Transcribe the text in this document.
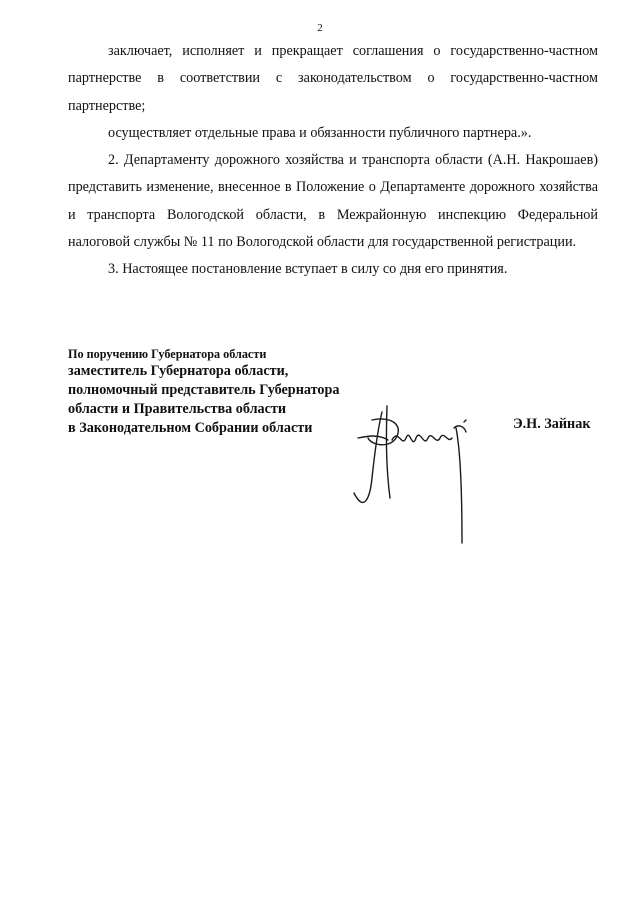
2

заключает, исполняет и прекращает соглашения о государственно-частном партнерстве в соответствии с законодательством о государственно-частном партнерстве;

осуществляет отдельные права и обязанности публичного партнера.».

2. Департаменту дорожного хозяйства и транспорта области (А.Н. Накрошаев) представить изменение, внесенное в Положение о Департаменте дорожного хозяйства и транспорта Вологодской области, в Межрайонную инспекцию Федеральной налоговой службы № 11 по Вологодской области для государственной регистрации.

3. Настоящее постановление вступает в силу со дня его принятия.

По поручению Губернатора области
заместитель Губернатора области,
полномочный представитель Губернатора
области и Правительства области
в Законодательном Собрании области	Э.Н. Зайнак
